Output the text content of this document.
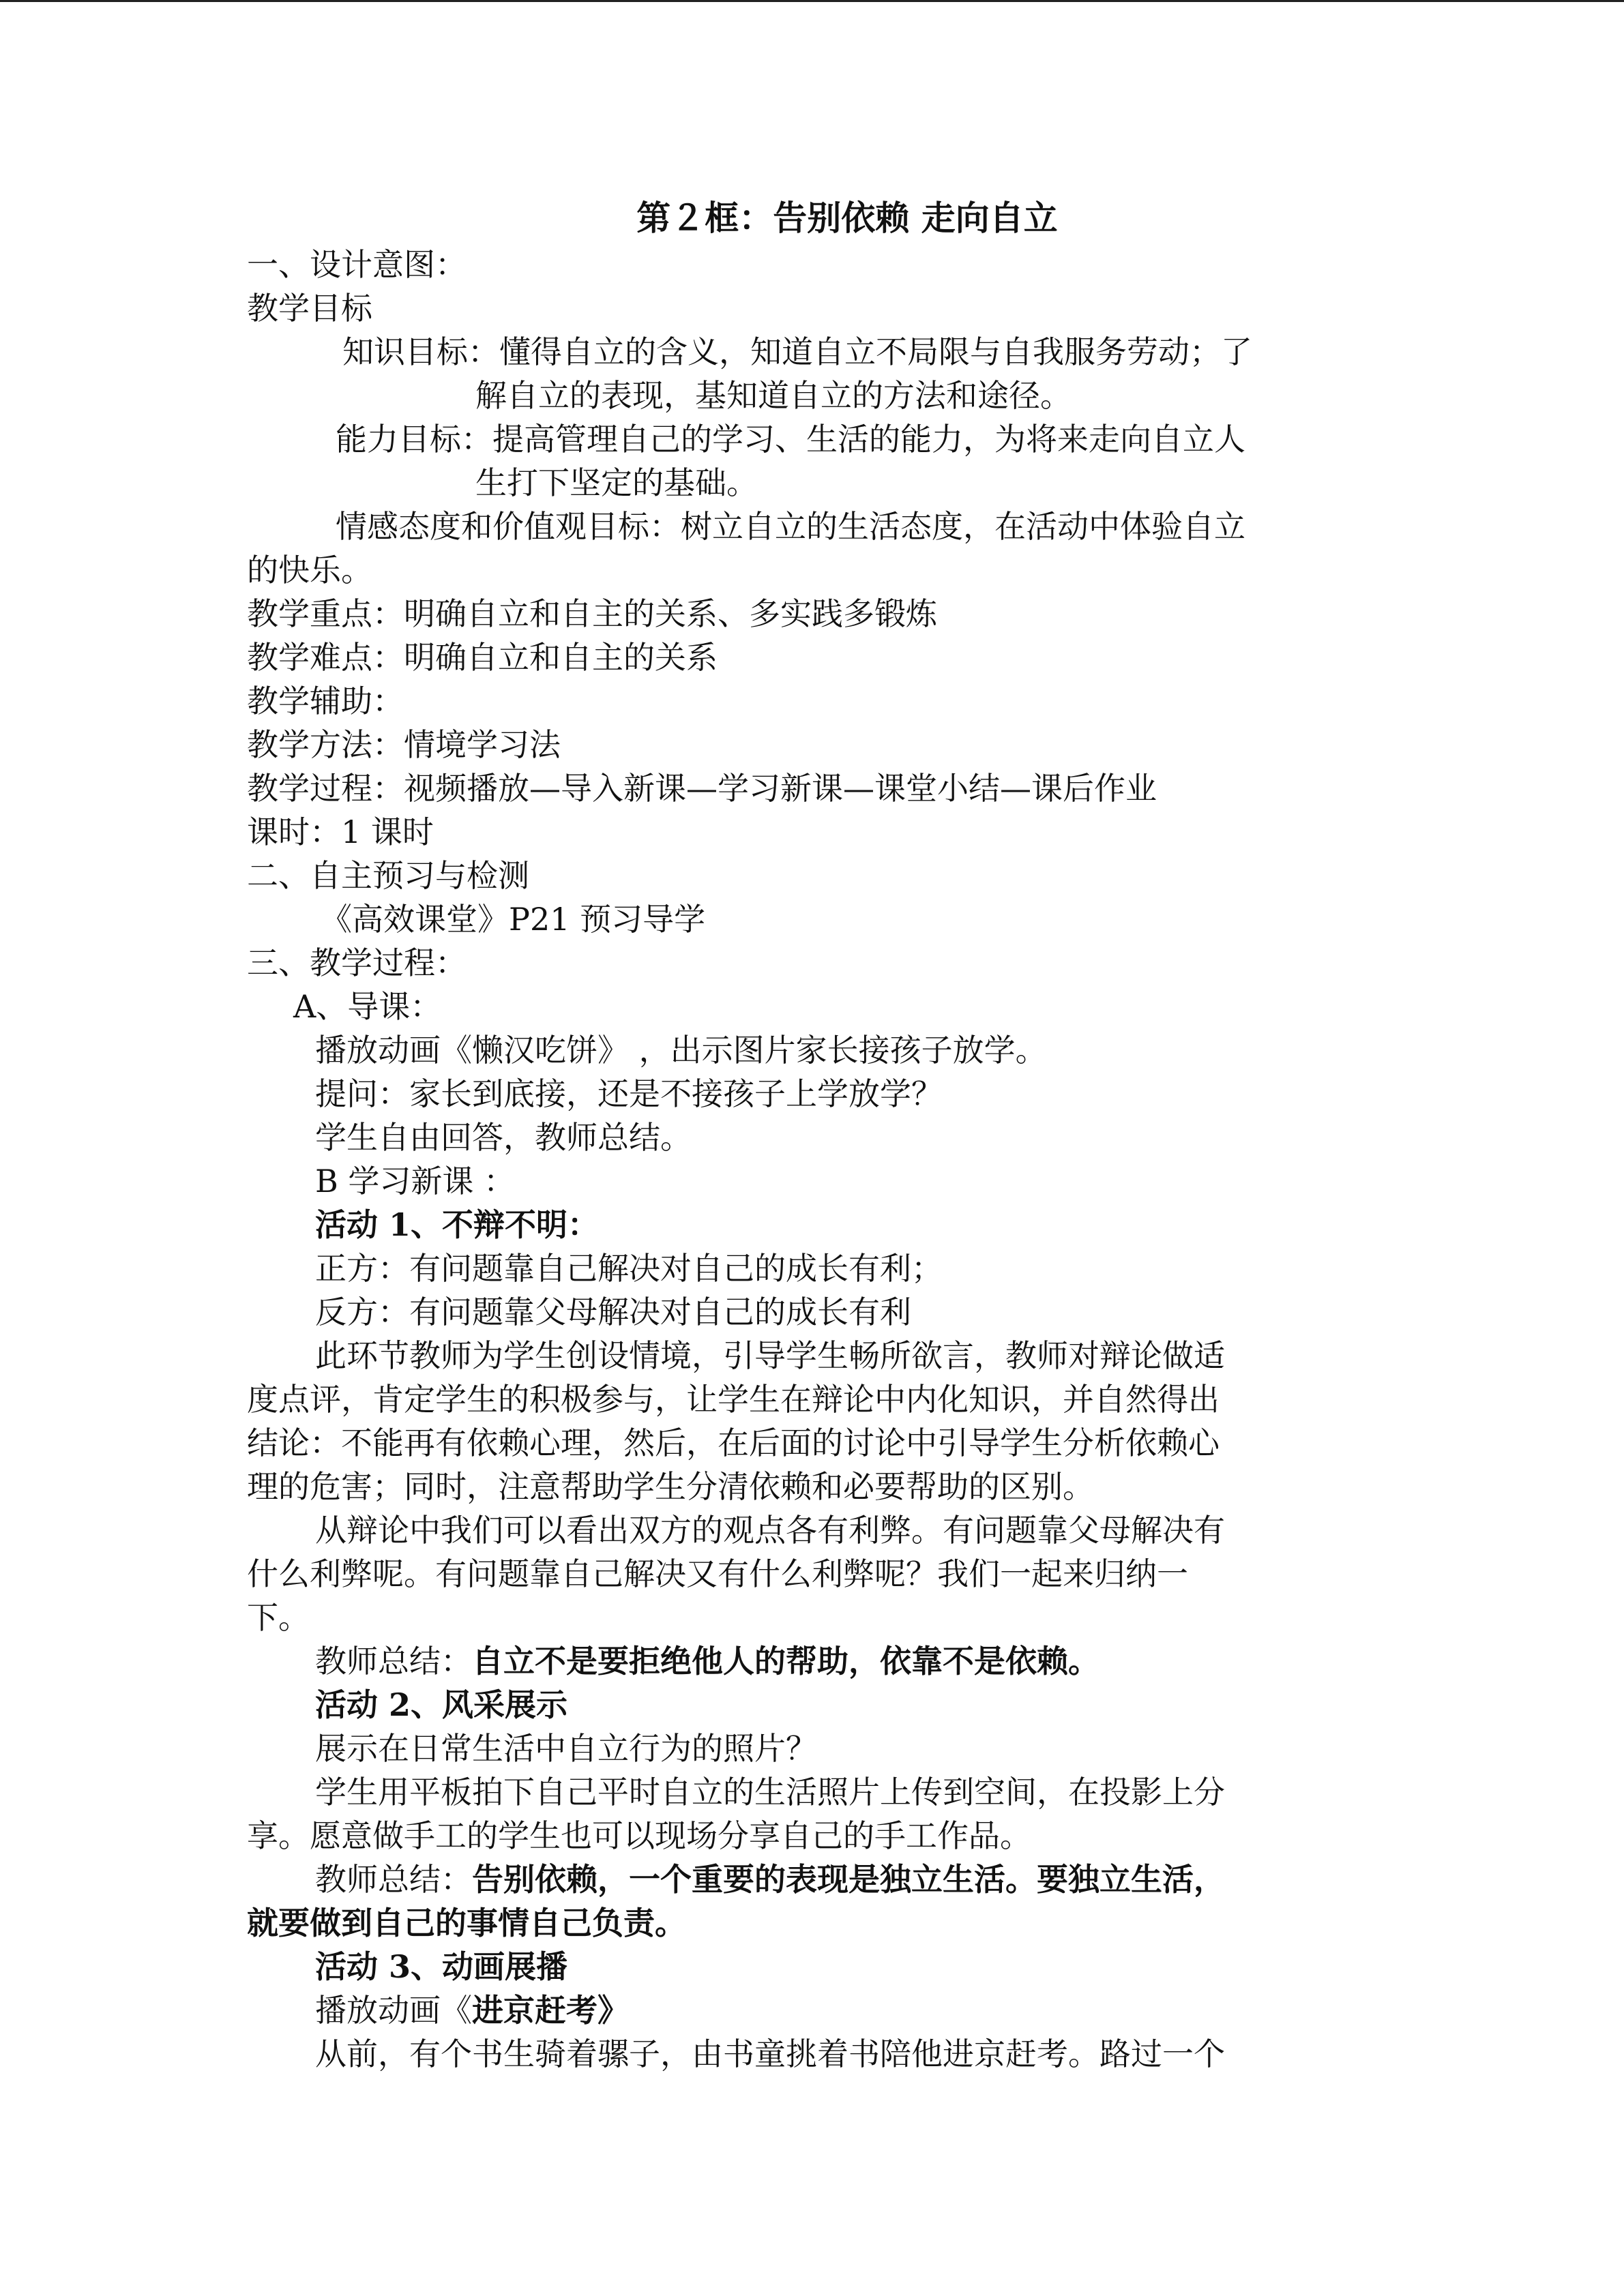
第２框：告别依赖 走向自立
一、设计意图：
教学目标
知识目标：懂得自立的含义，知道自立不局限与自我服务劳动；了
解自立的表现，基知道自立的方法和途径。
能力目标：提高管理自己的学习、生活的能力，为将来走向自立人
生打下坚定的基础。
情感态度和价值观目标：树立自立的生活态度，在活动中体验自立
的快乐。
教学重点：明确自立和自主的关系、多实践多锻炼
教学难点：明确自立和自主的关系
教学辅助：
教学方法：情境学习法
教学过程：视频播放—导入新课—学习新课—课堂小结—课后作业
课时：1 课时
二、自主预习与检测
《高效课堂》P21 预习导学
三、教学过程：
A、导课：
播放动画《懒汉吃饼》 ，出示图片家长接孩子放学。
提问：家长到底接，还是不接孩子上学放学？
学生自由回答，教师总结。
B 学习新课 ：
活动 1、不辩不明：
正方：有问题靠自己解决对自己的成长有利；
反方：有问题靠父母解决对自己的成长有利
此环节教师为学生创设情境，引导学生畅所欲言，教师对辩论做适
度点评，肯定学生的积极参与，让学生在辩论中内化知识，并自然得出
结论：不能再有依赖心理，然后，在后面的讨论中引导学生分析依赖心
理的危害；同时，注意帮助学生分清依赖和必要帮助的区别。
从辩论中我们可以看出双方的观点各有利弊。有问题靠父母解决有
什么利弊呢。有问题靠自己解决又有什么利弊呢？我们一起来归纳一
下。
教师总结：自立不是要拒绝他人的帮助，依靠不是依赖。
活动 2、风采展示
展示在日常生活中自立行为的照片？
学生用平板拍下自己平时自立的生活照片上传到空间，在投影上分
享。愿意做手工的学生也可以现场分享自己的手工作品。
教师总结：告别依赖，一个重要的表现是独立生活。要独立生活，
就要做到自己的事情自己负责。
活动 3、动画展播
播放动画《进京赶考》
从前，有个书生骑着骡子，由书童挑着书陪他进京赶考。路过一个
